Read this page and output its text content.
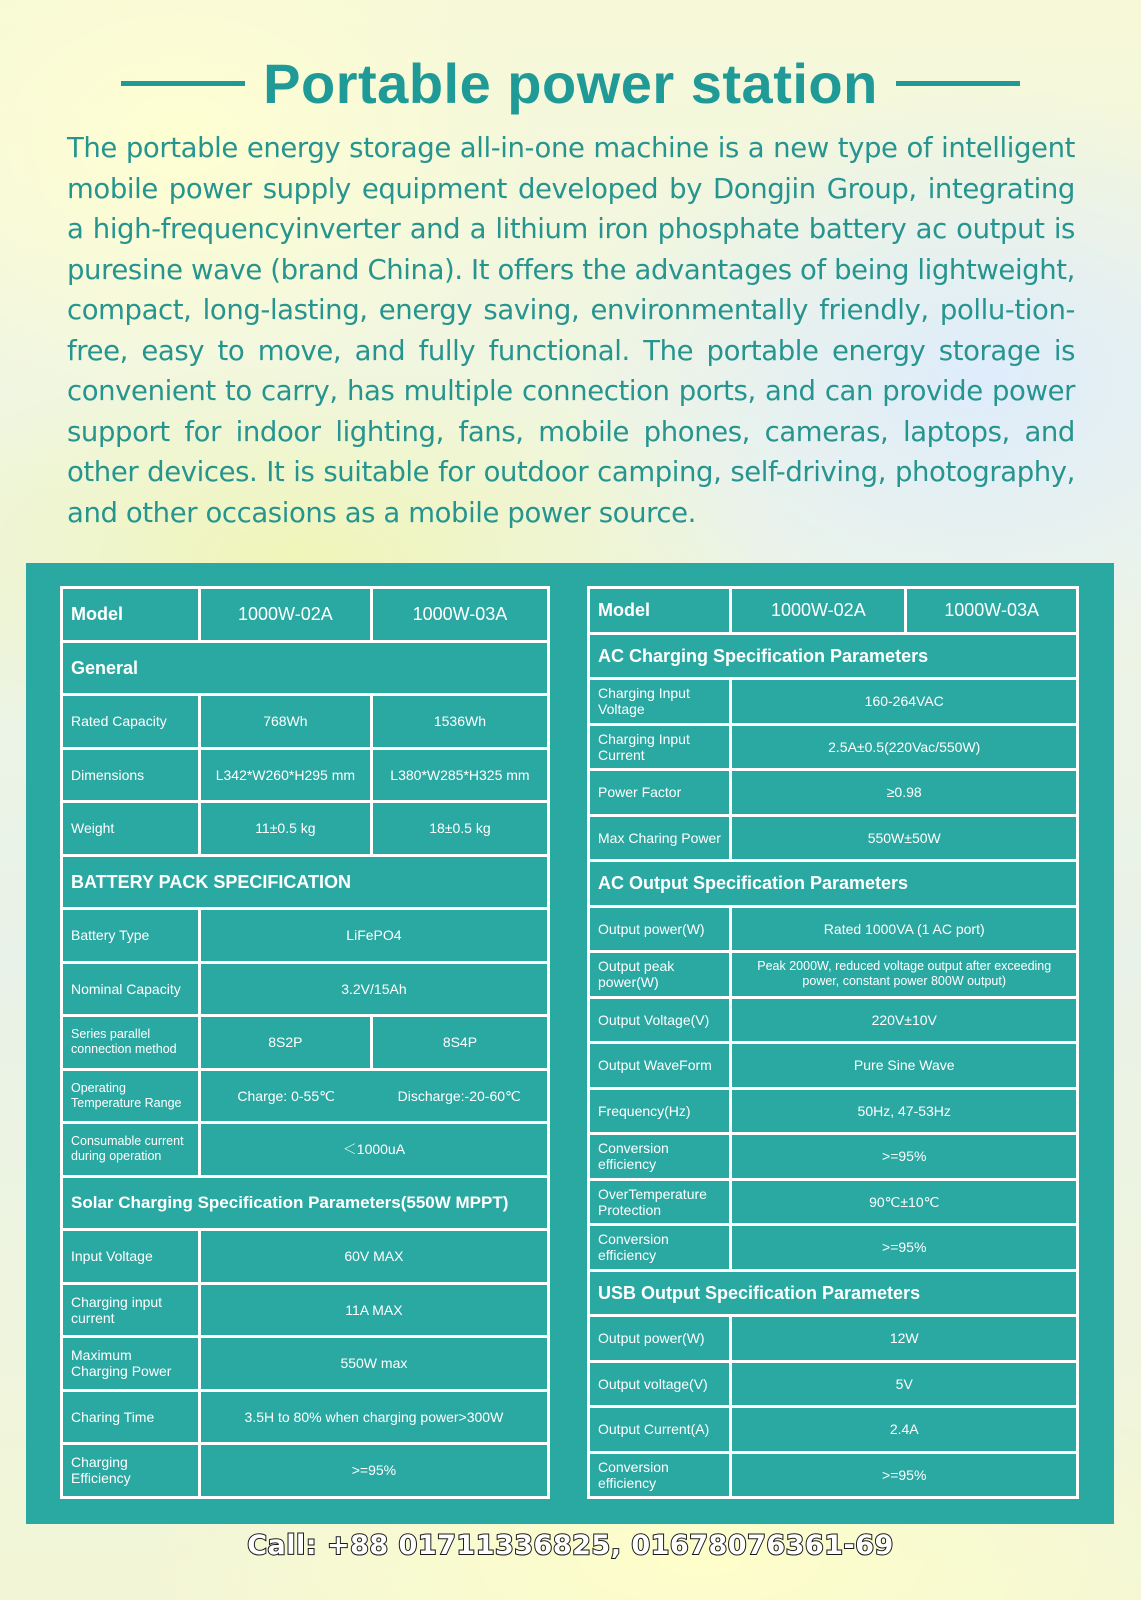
Portable power station

The portable energy storage all-in-one machine is a new type of intelligent mobile power supply equipment developed by Dongjin Group, integrating a high-frequencyinverter and a lithium iron phosphate battery ac output is puresine wave (brand China). It offers the advantages of being lightweight, compact, long-lasting, energy saving, environmentally friendly, pollu-tion-free, easy to move, and fully functional. The portable energy storage is convenient to carry, has multiple connection ports, and can provide power support for indoor lighting, fans, mobile phones, cameras, laptops, and other devices. It is suitable for outdoor camping, self-driving, photography, and other occasions as a mobile power source.

Model	1000W-02A	1000W-03A
General		
Rated Capacity	768Wh	1536Wh
Dimensions	L342*W260*H295 mm	L380*W285*H325 mm
Weight	11±0.5 kg	18±0.5 kg
BATTERY PACK SPECIFICATION		
Battery Type	LiFePO4	
Nominal Capacity	3.2V/15Ah	
Series parallel connection method	8S2P	8S4P
Operating Temperature Range	Charge: 0-55℃	Discharge:-20-60℃
Consumable current during operation	＜1000uA	
Solar Charging Specification Parameters(550W MPPT)		
Input Voltage	60V MAX	
Charging input current	11A MAX	
Maximum Charging Power	550W max	
Charing Time	3.5H to 80% when charging power>300W	
Charging Efficiency	>=95%	
Model	1000W-02A	1000W-03A
AC Charging Specification Parameters		
Charging Input Voltage	160-264VAC	
Charging Input Current	2.5A±0.5(220Vac/550W)	
Power Factor	≥0.98	
Max Charing Power	550W±50W	
AC Output Specification Parameters		
Output power(W)	Rated 1000VA (1 AC port)	
Output peak power(W)	Peak 2000W, reduced voltage output after exceeding power, constant power 800W output)	
Output Voltage(V)	220V±10V	
Output WaveForm	Pure Sine Wave	
Frequency(Hz)	50Hz, 47-53Hz	
Conversion efficiency	>=95%	
OverTemperature Protection	90℃±10℃	
Conversion efficiency	>=95%	
USB Output Specification Parameters		
Output power(W)	12W	
Output voltage(V)	5V	
Output Current(A)	2.4A	
Conversion efficiency	>=95%	
Call: +88 01711336825, 01678076361-69
